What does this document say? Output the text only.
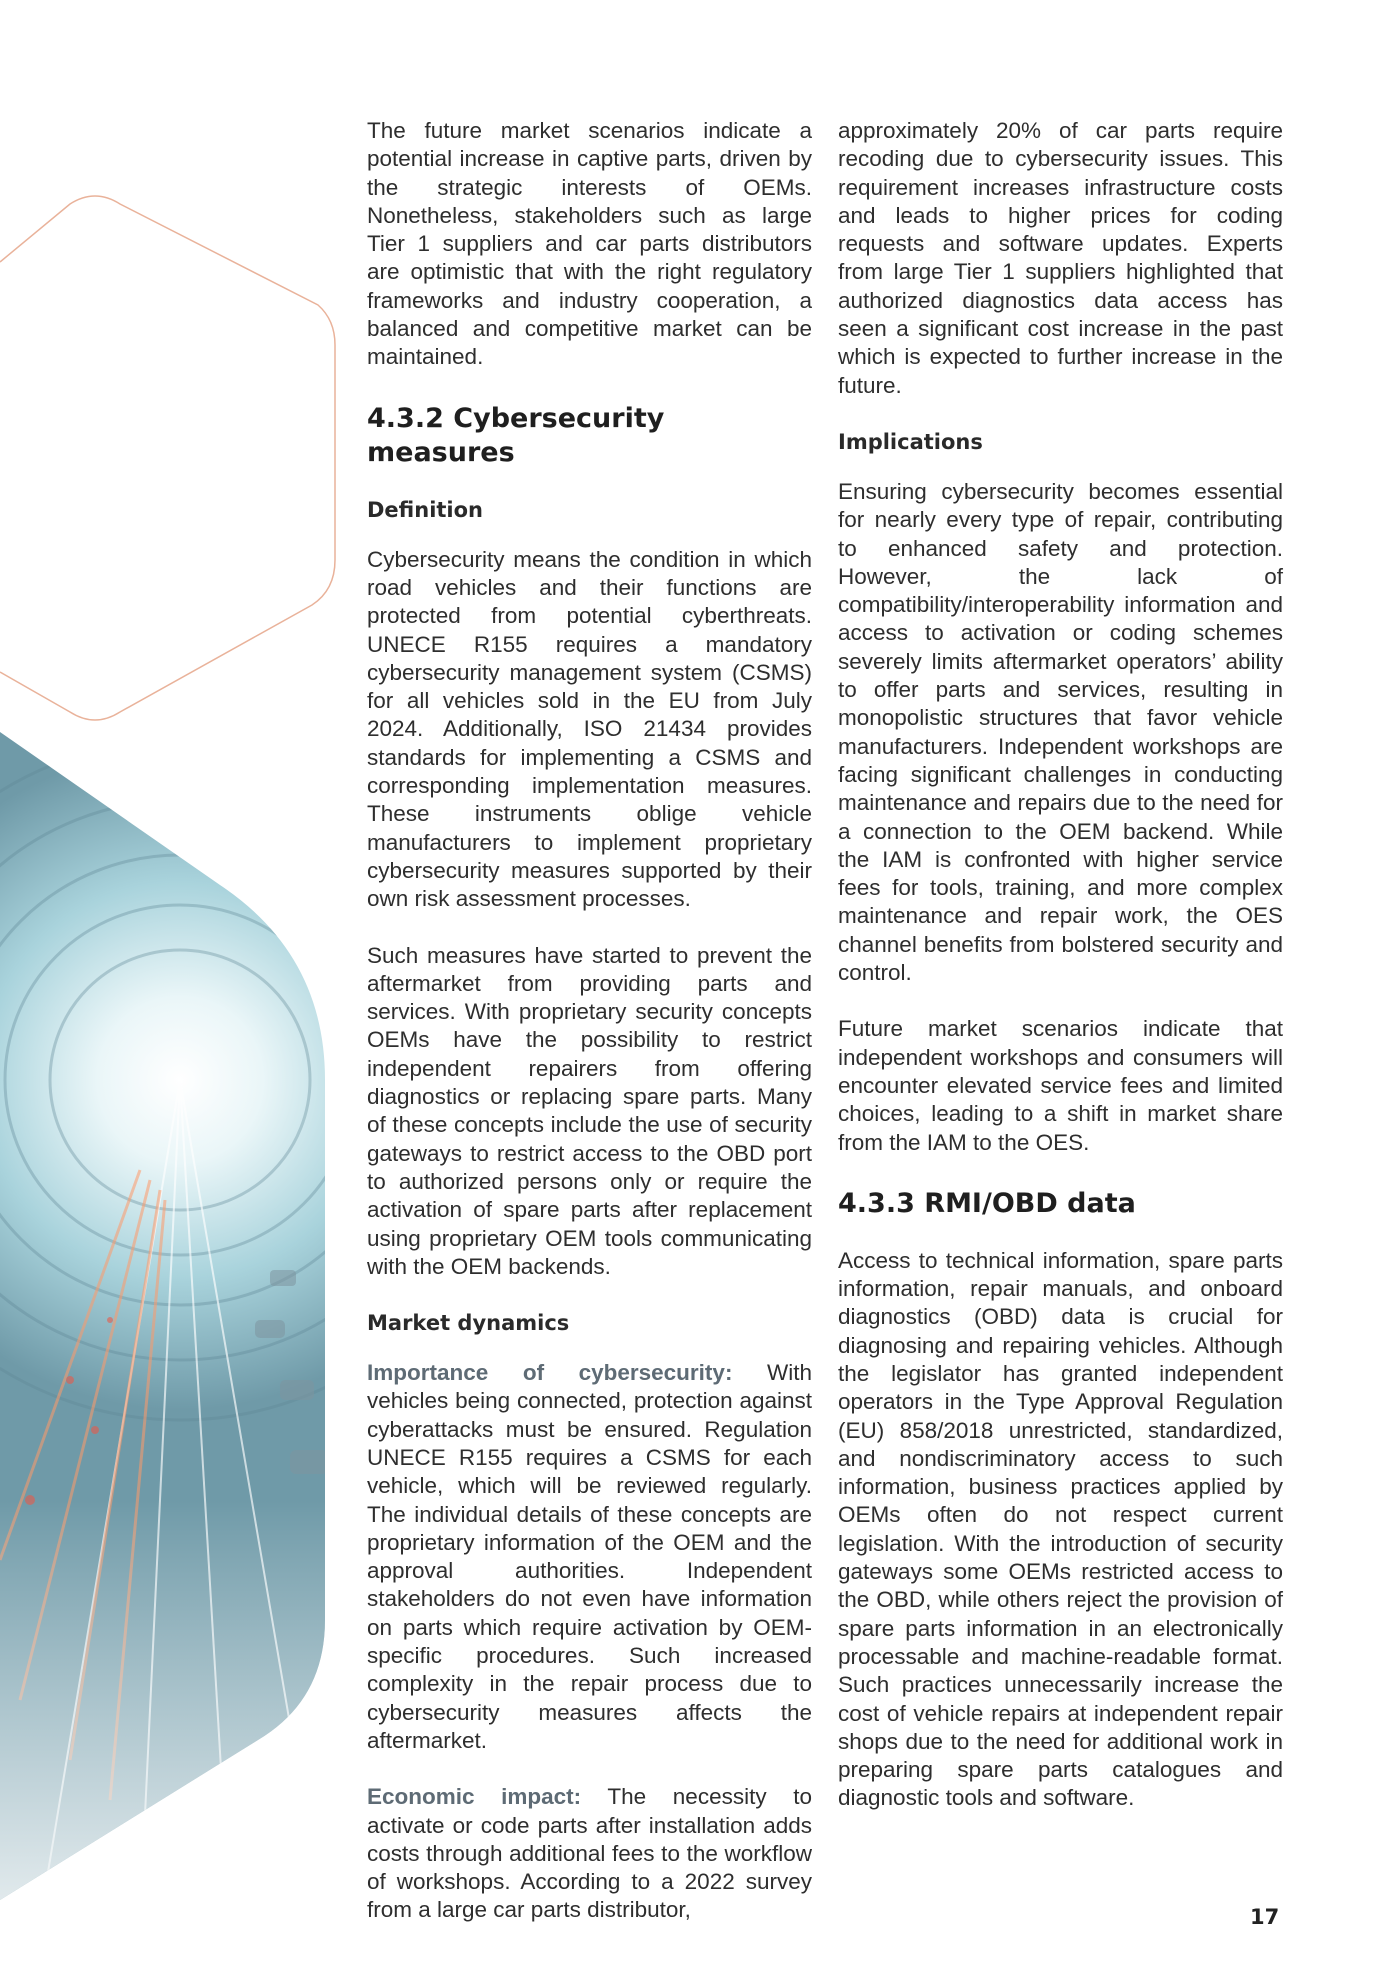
The future market scenarios indicate a potential increase in captive parts, driven by the strategic interests of OEMs. Nonetheless, stakeholders such as large Tier 1 suppliers and car parts distributors are optimistic that with the right regulatory frameworks and industry cooperation, a balanced and competitive market can be maintained.

4.3.2 Cybersecurity measures
Definition

Cybersecurity means the condition in which road vehicles and their functions are protected from potential cyberthreats. UNECE R155 requires a mandatory cybersecurity management system (CSMS) for all vehicles sold in the EU from July 2024. Additionally, ISO 21434 provides standards for implementing a CSMS and corresponding implementation measures. These instruments oblige vehicle manufacturers to implement proprietary cybersecurity measures supported by their own risk assessment processes.

Such measures have started to prevent the aftermarket from providing parts and services. With proprietary security concepts OEMs have the possibility to restrict independent repairers from offering diagnostics or replacing spare parts. Many of these concepts include the use of security gateways to restrict access to the OBD port to authorized persons only or require the activation of spare parts after replacement using proprietary OEM tools communicating with the OEM backends.

Market dynamics

Importance of cybersecurity: With vehicles being connected, protection against cyberattacks must be ensured. Regulation UNECE R155 requires a CSMS for each vehicle, which will be reviewed regularly. The individual details of these concepts are proprietary information of the OEM and the approval authorities. Independent stakeholders do not even have information on parts which require activation by OEM-specific procedures. Such increased complexity in the repair process due to cybersecurity measures affects the aftermarket.

Economic impact: The necessity to activate or code parts after installation adds costs through additional fees to the workflow of workshops. According to a 2022 survey from a large car parts distributor,

approximately 20% of car parts require recoding due to cybersecurity issues. This requirement increases infrastructure costs and leads to higher prices for coding requests and software updates. Experts from large Tier 1 suppliers highlighted that authorized diagnostics data access has seen a significant cost increase in the past which is expected to further increase in the future.

Implications

Ensuring cybersecurity becomes essential for nearly every type of repair, contributing to enhanced safety and protection. However, the lack of compatibility/interoperability information and access to activation or coding schemes severely limits aftermarket operators’ ability to offer parts and services, resulting in monopolistic structures that favor vehicle manufacturers. Independent workshops are facing significant challenges in conducting maintenance and repairs due to the need for a connection to the OEM backend. While the IAM is confronted with higher service fees for tools, training, and more complex maintenance and repair work, the OES channel benefits from bolstered security and control.

Future market scenarios indicate that independent workshops and consumers will encounter elevated service fees and limited choices, leading to a shift in market share from the IAM to the OES.

4.3.3 RMI/OBD data

Access to technical information, spare parts information, repair manuals, and onboard diagnostics (OBD) data is crucial for diagnosing and repairing vehicles. Although the legislator has granted independent operators in the Type Approval Regulation (EU) 858/2018 unrestricted, standardized, and nondiscriminatory access to such information, business practices applied by OEMs often do not respect current legislation. With the introduction of security gateways some OEMs restricted access to the OBD, while others reject the provision of spare parts information in an electronically processable and machine-readable format. Such practices unnecessarily increase the cost of vehicle repairs at independent repair shops due to the need for additional work in preparing spare parts catalogues and diagnostic tools and software.

17
